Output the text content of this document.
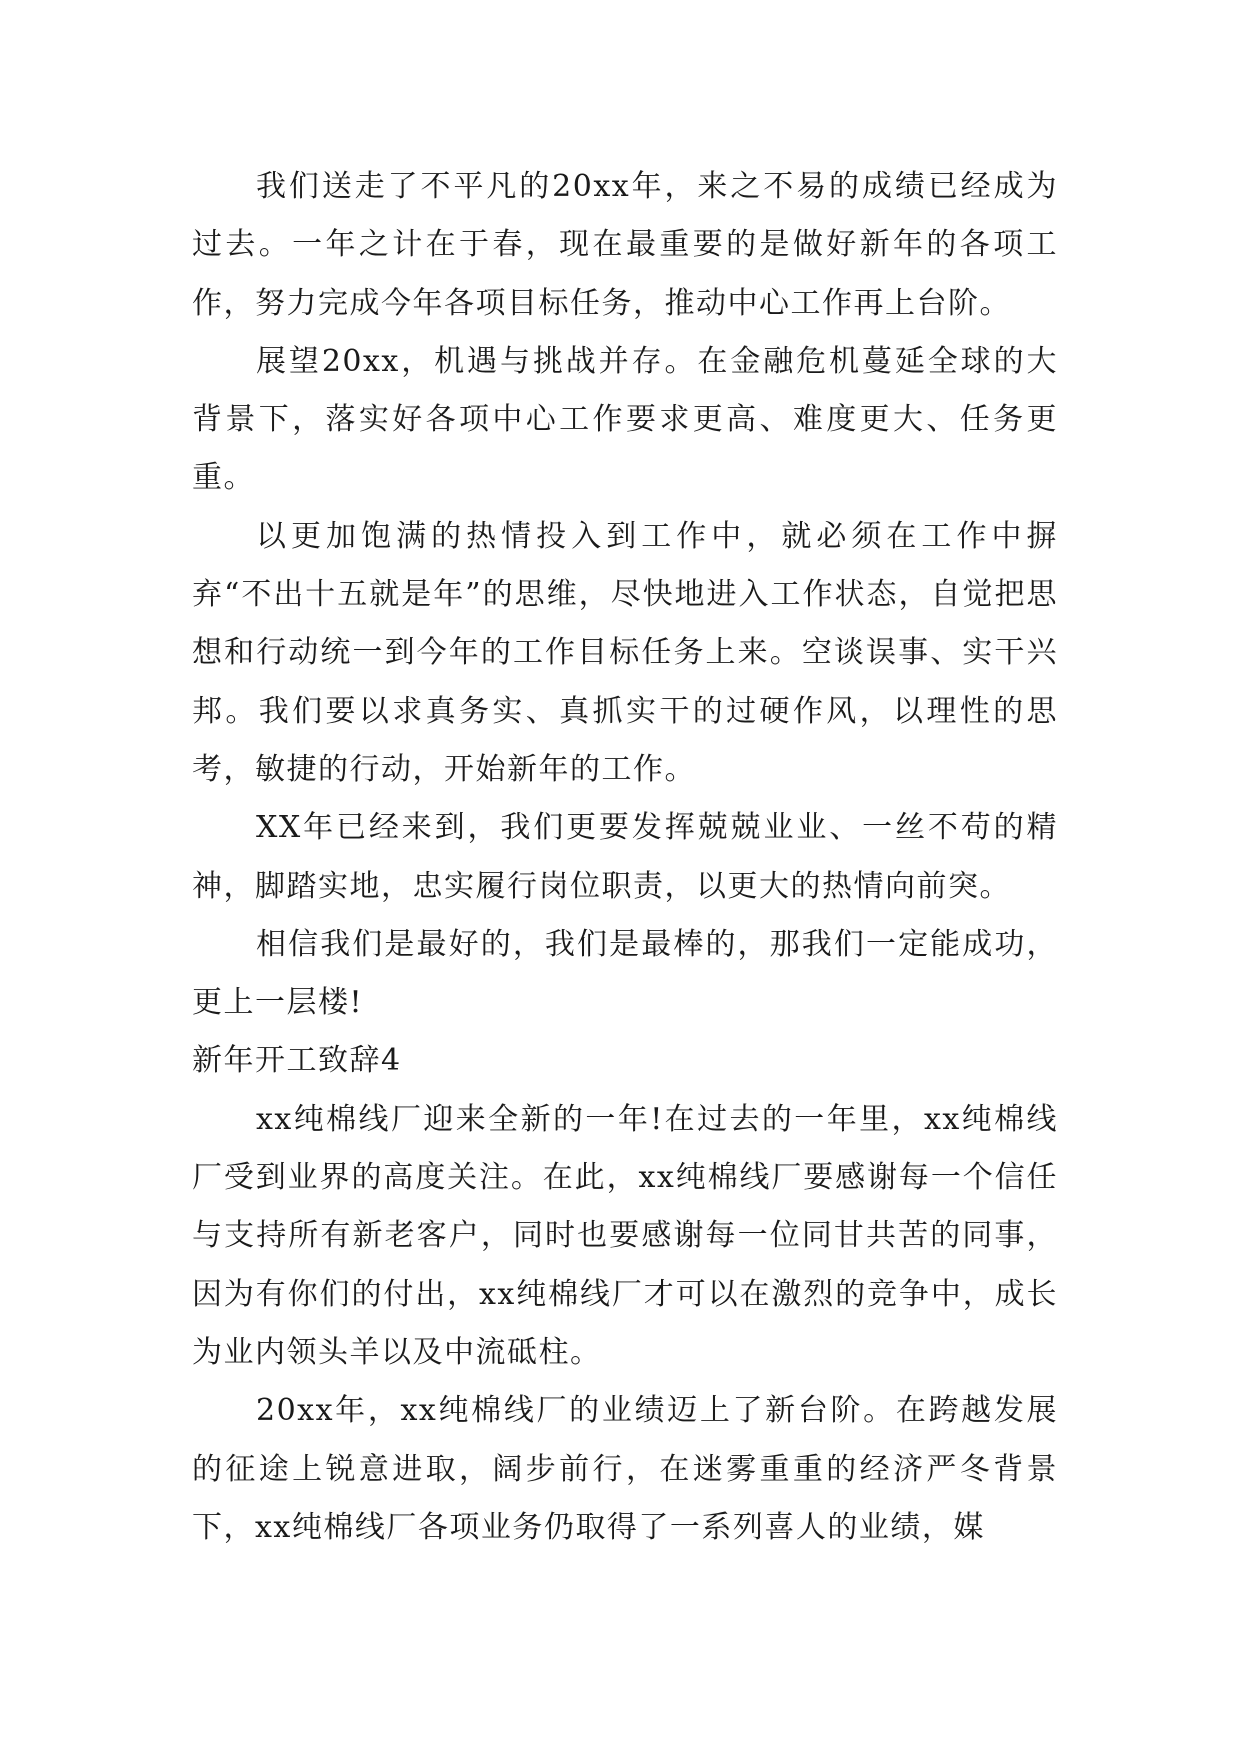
我们送走了不平凡的20xx年，来之不易的成绩已经成为过去。一年之计在于春，现在最重要的是做好新年的各项工作，努力完成今年各项目标任务，推动中心工作再上台阶。

展望20xx，机遇与挑战并存。在金融危机蔓延全球的大背景下，落实好各项中心工作要求更高、难度更大、任务更重。

以更加饱满的热情投入到工作中，就必须在工作中摒弃“不出十五就是年”的思维，尽快地进入工作状态，自觉把思想和行动统一到今年的工作目标任务上来。空谈误事、实干兴邦。我们要以求真务实、真抓实干的过硬作风，以理性的思考，敏捷的行动，开始新年的工作。

XX年已经来到，我们更要发挥兢兢业业、一丝不苟的精神，脚踏实地，忠实履行岗位职责，以更大的热情向前突。

相信我们是最好的，我们是最棒的，那我们一定能成功，更上一层楼!

新年开工致辞4

xx纯棉线厂迎来全新的一年!在过去的一年里，xx纯棉线厂受到业界的高度关注。在此，xx纯棉线厂要感谢每一个信任与支持所有新老客户，同时也要感谢每一位同甘共苦的同事，因为有你们的付出，xx纯棉线厂才可以在激烈的竞争中，成长为业内领头羊以及中流砥柱。

20xx年，xx纯棉线厂的业绩迈上了新台阶。在跨越发展的征途上锐意进取，阔步前行，在迷雾重重的经济严冬背景下，xx纯棉线厂各项业务仍取得了一系列喜人的业绩，媒
